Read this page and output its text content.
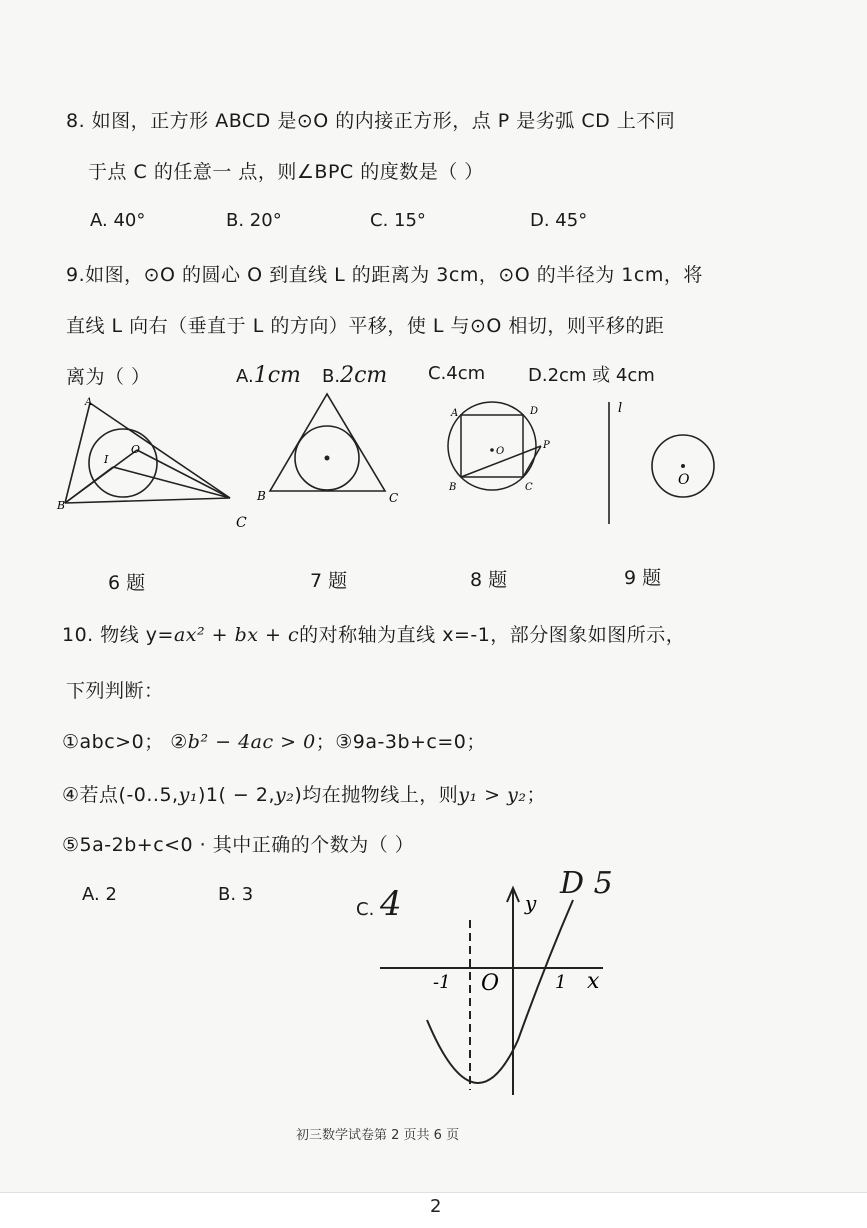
8. 如图，正方形 ABCD 是⊙O 的内接正方形，点 P 是劣弧 CD 上不同
于点 C 的任意一 点，则∠BPC 的度数是（ ）
A. 40°	B. 20°	C. 15°	D. 45°
9.如图，⊙O 的圆心 O 到直线 L 的距离为 3cm，⊙O 的半径为 1cm，将
直线 L 向右（垂直于 L 的方向）平移，使 L 与⊙O 相切，则平移的距
离为（ ）	A.1cm B.2cm C.4cm D.2cm 或 4cm
A
O
I
B
C
B	C
A	D
O
P
B	C
l
O
6 题	7 题	8 题	9 题
10. 物线 y=ax² + bx + c的对称轴为直线 x=-1，部分图象如图所示，
下列判断：
①abc>0； ②b² − 4ac > 0；③9a-3b+c=0；
④若点(-0..5,y₁)1( − 2,y₂)均在抛物线上，则y₁ > y₂；
⑤5a-2b+c<0 · 其中正确的个数为（ ）
A. 2	B. 3
C. 4
D 5
y
-1 O	1 x
初三数学试卷第 2 页共 6 页
2
